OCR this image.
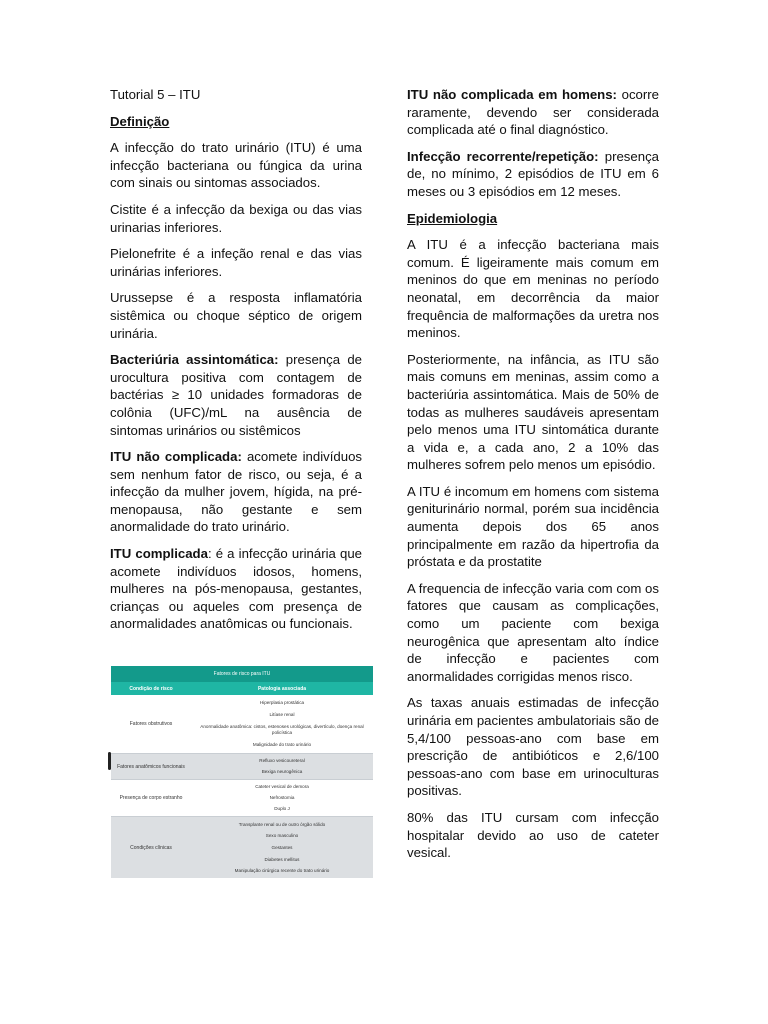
Tutorial 5 – ITU
Definição

A infecção do trato urinário (ITU) é uma infecção bacteriana ou fúngica da urina com sinais ou sintomas associados.

Cistite é a infecção da bexiga ou das vias urinarias inferiores.

Pielonefrite é a infeção renal e das vias urinárias inferiores.

Urussepse é a resposta inflamatória sistêmica ou choque séptico de origem urinária.

Bacteriúria assintomática: presença de urocultura positiva com contagem de bactérias ≥ 10 unidades formadoras de colônia (UFC)/mL na ausência de sintomas urinários ou sistêmicos

ITU não complicada: acomete indivíduos sem nenhum fator de risco, ou seja, é a infecção da mulher jovem, hígida, na pré-menopausa, não gestante e sem anormalidade do trato urinário.

ITU complicada: é a infecção urinária que acomete indivíduos idosos, homens, mulheres na pós-menopausa, gestantes, crianças ou aqueles com presença de anormalidades anatômicas ou funcionais.

Fatores de risco para ITU
Condição de risco	Patologia associada
Fatores obstrutivos
Hiperplasia prostática
Litíase renal
Anormalidade anatômica: cistos, estenoses urológicas, divertículo, doença renal policística
Malignidade do trato urinário
Fatores anatômicos funcionais
Refluxo vesicoureteral
Bexiga neurogênica
Presença de corpo estranho
Cateter vesical de demora
Nefrostomia
Duplo J
Condições clínicas
Transplante renal ou de outro órgão sólido
Sexo masculino
Gestantes
Diabetes mellitus
Manipulação cirúrgica recente do trato urinário

ITU não complicada em homens: ocorre raramente, devendo ser considerada complicada até o final diagnóstico.

Infecção recorrente/repetição: presença de, no mínimo, 2 episódios de ITU em 6 meses ou 3 episódios em 12 meses.

Epidemiologia

A ITU é a infecção bacteriana mais comum. É ligeiramente mais comum em meninos do que em meninas no período neonatal, em decorrência da maior frequência de malformações da uretra nos meninos.

Posteriormente, na infância, as ITU são mais comuns em meninas, assim como a bacteriúria assintomática. Mais de 50% de todas as mulheres saudáveis apresentam pelo menos uma ITU sintomática durante a vida e, a cada ano, 2 a 10% das mulheres sofrem pelo menos um episódio.

A ITU é incomum em homens com sistema geniturinário normal, porém sua incidência aumenta depois dos 65 anos principalmente em razão da hipertrofia da próstata e da prostatite

A frequencia de infecção varia com com os fatores que causam as complicações, como um paciente com bexiga neurogênica que apresentam alto índice de infecção e pacientes com anormalidades corrigidas menos risco.

As taxas anuais estimadas de infecção urinária em pacientes ambulatoriais são de 5,4/100 pessoas-ano com base em prescrição de antibióticos e 2,6/100 pessoas-ano com base em urinoculturas positivas.

80% das ITU cursam com infecção hospitalar devido ao uso de cateter vesical.
